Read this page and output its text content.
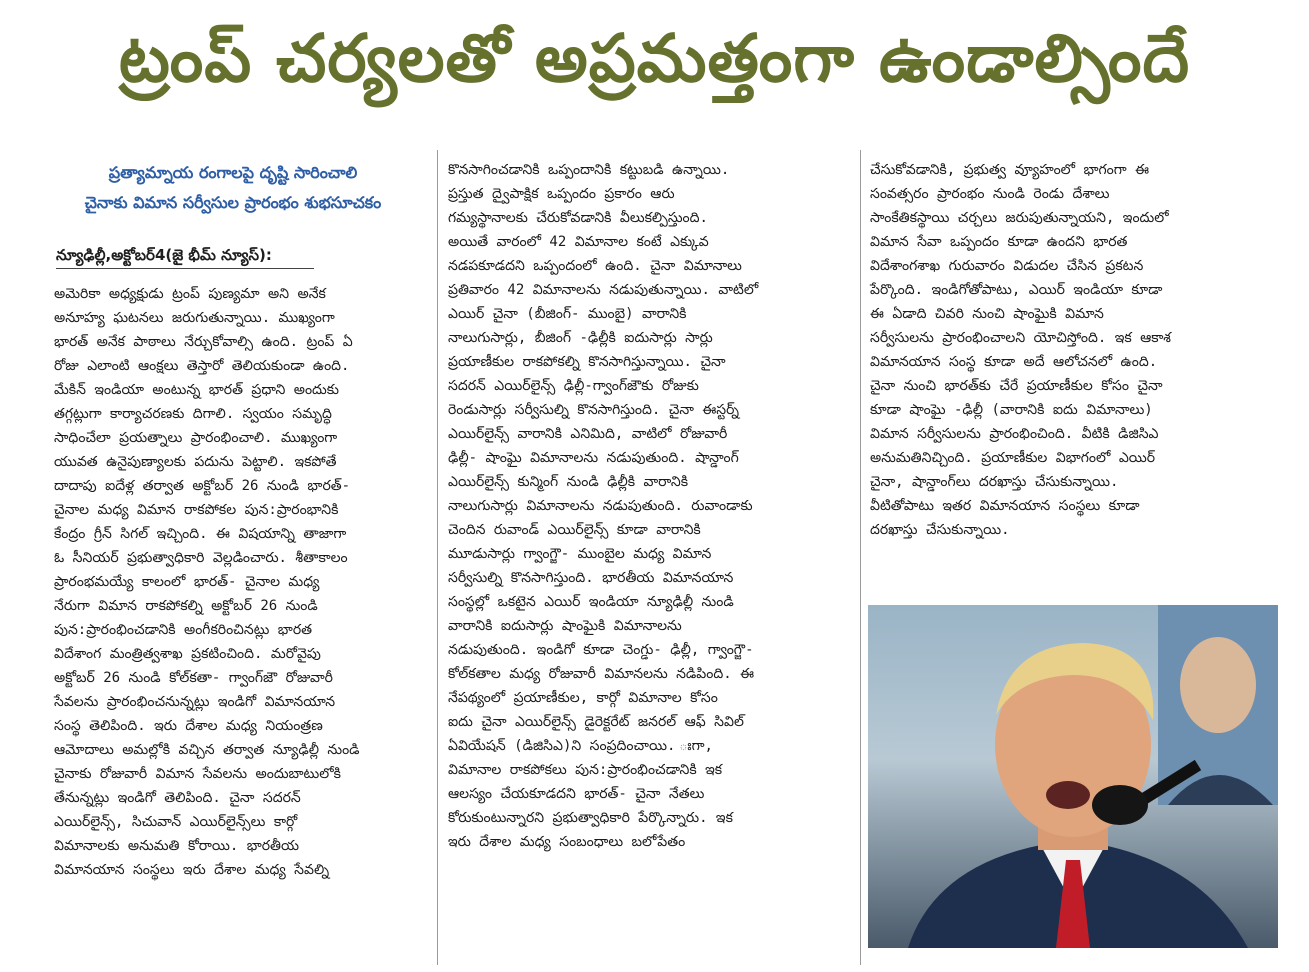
ట్రంప్ చర్యలతో అప్రమత్తంగా ఉండాల్సిందే
ప్రత్యామ్నాయ రంగాలపై దృష్టి సారించాలి
చైనాకు విమాన సర్వీసుల ప్రారంభం శుభసూచకం
న్యూఢిల్లీ,అక్టోబర్4(జై భీమ్ న్యూస్):
అమెరికా అధ్యక్షుడు ట్రంప్ పుణ్యమా అని అనేక
అనూహ్య ఘటనలు జరుగుతున్నాయి. ముఖ్యంగా
భారత్ అనేక పాఠాలు నేర్చుకోవాల్సి ఉంది. ట్రంప్ ఏ
రోజు ఎలాంటి ఆంక్షలు తెస్తారో తెలియకుండా ఉంది.
మేకిన్ ఇండియా అంటున్న భారత్ ప్రధాని అందుకు
తగ్గట్లుగా కార్యాచరణకు దిగాలి. స్వయం సమృద్ధి
సాధించేలా ప్రయత్నాలు ప్రారంభించాలి. ముఖ్యంగా
యువత ఉనైపుణ్యాలకు పదును పెట్టాలి. ఇకపోతే
దాదాపు ఐదేళ్ల తర్వాత అక్టోబర్ 26 నుండి భారత్-
చైనాల మధ్య విమాన రాకపోకల పున:ప్రారంభానికి
కేంద్రం గ్రీన్ సిగల్ ఇచ్చింది. ఈ విషయాన్ని తాజాగా
ఓ సీనియర్ ప్రభుత్వాధికారి వెల్లడించారు. శీతాకాలం
ప్రారంభమయ్యే కాలంలో భారత్- చైనాల మధ్య
నేరుగా విమాన రాకపోకల్ని అక్టోబర్ 26 నుండి
పున:ప్రారంభించడానికి అంగీకరించినట్లు భారత
విదేశాంగ మంత్రిత్వశాఖ ప్రకటించింది. మరోవైపు
అక్టోబర్ 26 నుండి కోల్‌కతా- గ్వాంగ్‌జౌ రోజువారీ
సేవలను ప్రారంభించనున్నట్లు ఇండిగో విమానయాన
సంస్థ తెలిపింది. ఇరు దేశాల మధ్య నియంత్రణ
ఆమోదాలు అమల్లోకి వచ్చిన తర్వాత న్యూఢిల్లీ నుండి
చైనాకు రోజువారీ విమాన సేవలను అందుబాటులోకి
తేనున్నట్లు ఇండిగో తెలిపింది. చైనా సదరన్
ఎయిర్‌లైన్స్, సిచువాన్ ఎయిర్‌లైన్స్‌లు కార్గో
విమానాలకు అనుమతి కోరాయి. భారతీయ
విమానయాన సంస్థలు ఇరు దేశాల మధ్య సేవల్ని
కొనసాగించడానికి ఒప్పందానికి కట్టుబడి ఉన్నాయి.
ప్రస్తుత ద్వైపాక్షిక ఒప్పందం ప్రకారం ఆరు
గమ్యస్థానాలకు చేరుకోవడానికి వీలుకల్పిస్తుంది.
అయితే వారంలో 42 విమానాల కంటే ఎక్కువ
నడపకూడదని ఒప్పందంలో ఉంది. చైనా విమానాలు
ప్రతివారం 42 విమానాలను నడుపుతున్నాయి. వాటిలో
ఎయిర్ చైనా (బీజింగ్- ముంబై) వారానికి
నాలుగుసార్లు, బీజింగ్ -ఢిల్లీకి ఐదుసార్లు సార్లు
ప్రయాణీకుల రాకపోకల్ని కొనసాగిస్తున్నాయి. చైనా
సదరన్ ఎయిర్‌లైన్స్ ఢిల్లీ-గ్వాంగ్‌జౌకు రోజుకు
రెండుసార్లు సర్వీసుల్ని కొనసాగిస్తుంది. చైనా ఈస్టర్న్
ఎయిర్‌లైన్స్ వారానికి ఎనిమిది, వాటిలో రోజువారీ
ఢిల్లీ- షాంఘై విమానాలను నడుపుతుంది. షాన్డాంగ్
ఎయిర్‌లైన్స్ కున్మింగ్ నుండి ఢిల్లీకి వారానికి
నాలుగుసార్లు విమానాలను నడుపుతుంది. రువాండాకు
చెందిన రువాండ్ ఎయిర్‌లైన్స్ కూడా వారానికి
మూడుసార్లు గ్వాంగ్జౌ- ముంబైల మధ్య విమాన
సర్వీసుల్ని కొనసాగిస్తుంది. భారతీయ విమానయాన
సంస్థల్లో ఒకటైన ఎయిర్ ఇండియా న్యూఢిల్లీ నుండి
వారానికి ఐదుసార్లు షాంఘైకి విమానాలను
నడుపుతుంది. ఇండిగో కూడా చెంగ్డు- ఢిల్లీ, గ్వాంగ్జౌ-
కోల్‌కతాల మధ్య రోజువారీ విమానలను నడిపింది. ఈ
నేపథ్యంలో ప్రయాణీకుల, కార్గో విమానాల కోసం
ఐదు చైనా ఎయిర్‌లైన్స్ డైరెక్టరేట్ జనరల్ ఆఫ్ సివిల్
ఏవియేషన్ (డిజిసిఎ)ని సంప్రదించాయి. ఃగా,
విమానాల రాకపోకలు పున:ప్రారంభించడానికి ఇక
ఆలస్యం చేయకూడదని భారత్- చైనా నేతలు
కోరుకుంటున్నారని ప్రభుత్వాధికారి పేర్కొన్నారు. ఇక
ఇరు దేశాల మధ్య సంబంధాలు బలోపేతం
చేసుకోవడానికి, ప్రభుత్వ వ్యూహంలో భాగంగా ఈ
సంవత్సరం ప్రారంభం నుండి రెండు దేశాలు
సాంకేతికస్థాయి చర్చలు జరుపుతున్నాయని, ఇందులో
విమాన సేవా ఒప్పందం కూడా ఉందని భారత
విదేశాంగశాఖ గురువారం విడుదల చేసిన ప్రకటన
పేర్కొంది. ఇండిగోతోపాటు, ఎయిర్ ఇండియా కూడా
ఈ ఏడాది చివరి నుంచి షాంఘైకి విమాన
సర్వీసులను ప్రారంభించాలని యోచిస్తోంది. ఇక ఆకాశ
విమానయాన సంస్థ కూడా అదే ఆలోచనలో ఉంది.
చైనా నుంచి భారత్‌కు చేరే ప్రయాణీకుల కోసం చైనా
కూడా షాంఘై -ఢిల్లీ (వారానికి ఐదు విమానాలు)
విమాన సర్వీసులను ప్రారంభించింది. వీటికి డిజిసిఎ
అనుమతినిచ్చింది. ప్రయాణీకుల విభాగంలో ఎయిర్
చైనా, షాన్డాంగ్‌లు దరఖాస్తు చేసుకున్నాయి.
వీటితోపాటు ఇతర విమానయాన సంస్థలు కూడా
దరఖాస్తు చేసుకున్నాయి.
